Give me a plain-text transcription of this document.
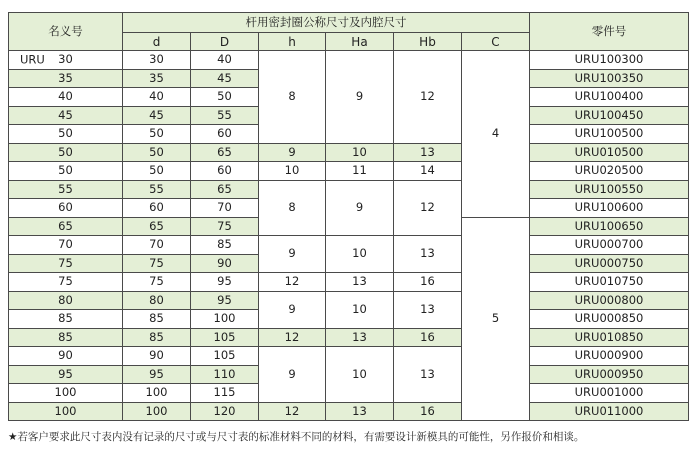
名义号	杆用密封圈公称尺寸及内腔尺寸						零件号
	d	D	h	Ha	Hb	C	

URU 30	30	40	8	9	12	4	URU100300
35	35	45					URU100350
40	40	50					URU100400
45	45	55					URU100450
50	50	60					URU100500
50	50	65	9	10	13		URU010500
50	50	60	10	11	14		URU020500
55	55	65	8	9	12		URU100550
60	60	70					URU100600
65	65	75				5	URU100650
70	70	85	9	10	13		URU000700
75	75	90					URU000750
75	75	95	12	13	16		URU010750
80	80	95	9	10	13		URU000800
85	85	100					URU000850
85	85	105	12	13	16		URU010850
90	90	105	9	10	13		URU000900
95	95	110					URU000950
100	100	115					URU001000
100	100	120	12	13	16		URU011000
★若客户要求此尺寸表内没有记录的尺寸或与尺寸表的标准材料不同的材料，有需要设计新模具的可能性，另作报价和相谈。
